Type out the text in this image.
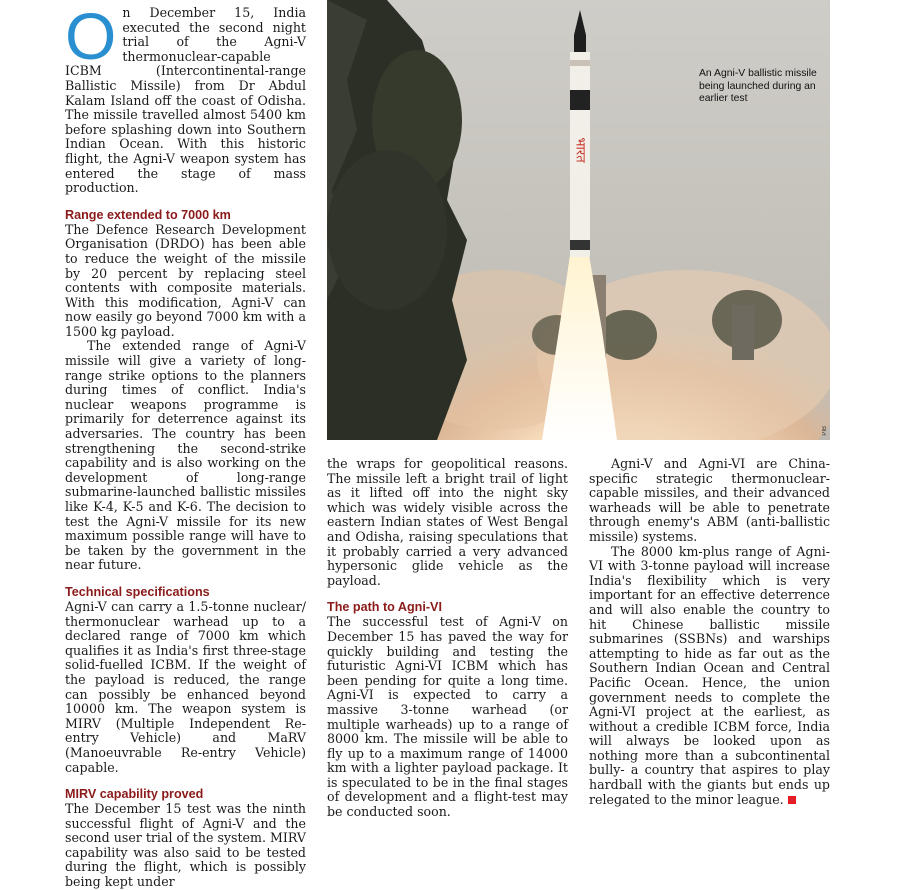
On December 15, India executed the second night trial of the Agni-V thermonuclear-capable ICBM (Intercontinental-range Ballistic Missile) from Dr Abdul Kalam Island off the coast of Odisha. The missile travelled almost 5400 km before splashing down into Southern Indian Ocean. With this historic flight, the Agni-V weapon system has entered the stage of mass production.

Range extended to 7000 km

The Defence Research Development Organisation (DRDO) has been able to reduce the weight of the missile by 20 percent by replacing steel contents with composite materials. With this modification, Agni-V can now easily go beyond 7000 km with a 1500 kg payload.

The extended range of Agni-V missile will give a variety of long-range strike options to the planners during times of conflict. India's nuclear weapons programme is primarily for deterrence against its adversaries. The country has been strengthening the second-strike capability and is also working on the development of long-range submarine-launched ballistic missiles like K-4, K-5 and K-6. The decision to test the Agni-V missile for its new maximum possible range will have to be taken by the government in the near future.

Technical specifications

Agni-V can carry a 1.5-tonne nuclear/ thermonuclear warhead up to a declared range of 7000 km which qualifies it as India's first three-stage solid-fuelled ICBM. If the weight of the payload is reduced, the range can possibly be enhanced beyond 10000 km. The weapon system is MIRV (Multiple Independent Re-entry Vehicle) and MaRV (Manoeuvrable Re-entry Vehicle) capable.

MIRV capability proved

The December 15 test was the ninth successful flight of Agni-V and the second user trial of the system. MIRV capability was also said to be tested during the flight, which is possibly being kept under

भारत
An Agni-V ballistic missile being launched during an earlier test
PIB

the wraps for geopolitical reasons. The missile left a bright trail of light as it lifted off into the night sky which was widely visible across the eastern Indian states of West Bengal and Odisha, raising speculations that it probably carried a very advanced hypersonic glide vehicle as the payload.

The path to Agni-VI

The successful test of Agni-V on December 15 has paved the way for quickly building and testing the futuristic Agni-VI ICBM which has been pending for quite a long time. Agni-VI is expected to carry a massive 3-tonne warhead (or multiple warheads) up to a range of 8000 km. The missile will be able to fly up to a maximum range of 14000 km with a lighter payload package. It is speculated to be in the final stages of development and a flight-test may be conducted soon.

Agni-V and Agni-VI are China-specific strategic thermonuclear-capable missiles, and their advanced warheads will be able to penetrate through enemy's ABM (anti-ballistic missile) systems.

The 8000 km-plus range of Agni-VI with 3-tonne payload will increase India's flexibility which is very important for an effective deterrence and will also enable the country to hit Chinese ballistic missile submarines (SSBNs) and warships attempting to hide as far out as the Southern Indian Ocean and Central Pacific Ocean. Hence, the union government needs to complete the Agni-VI project at the earliest, as without a credible ICBM force, India will always be looked upon as nothing more than a subcontinental bully- a country that aspires to play hardball with the giants but ends up relegated to the minor league.
